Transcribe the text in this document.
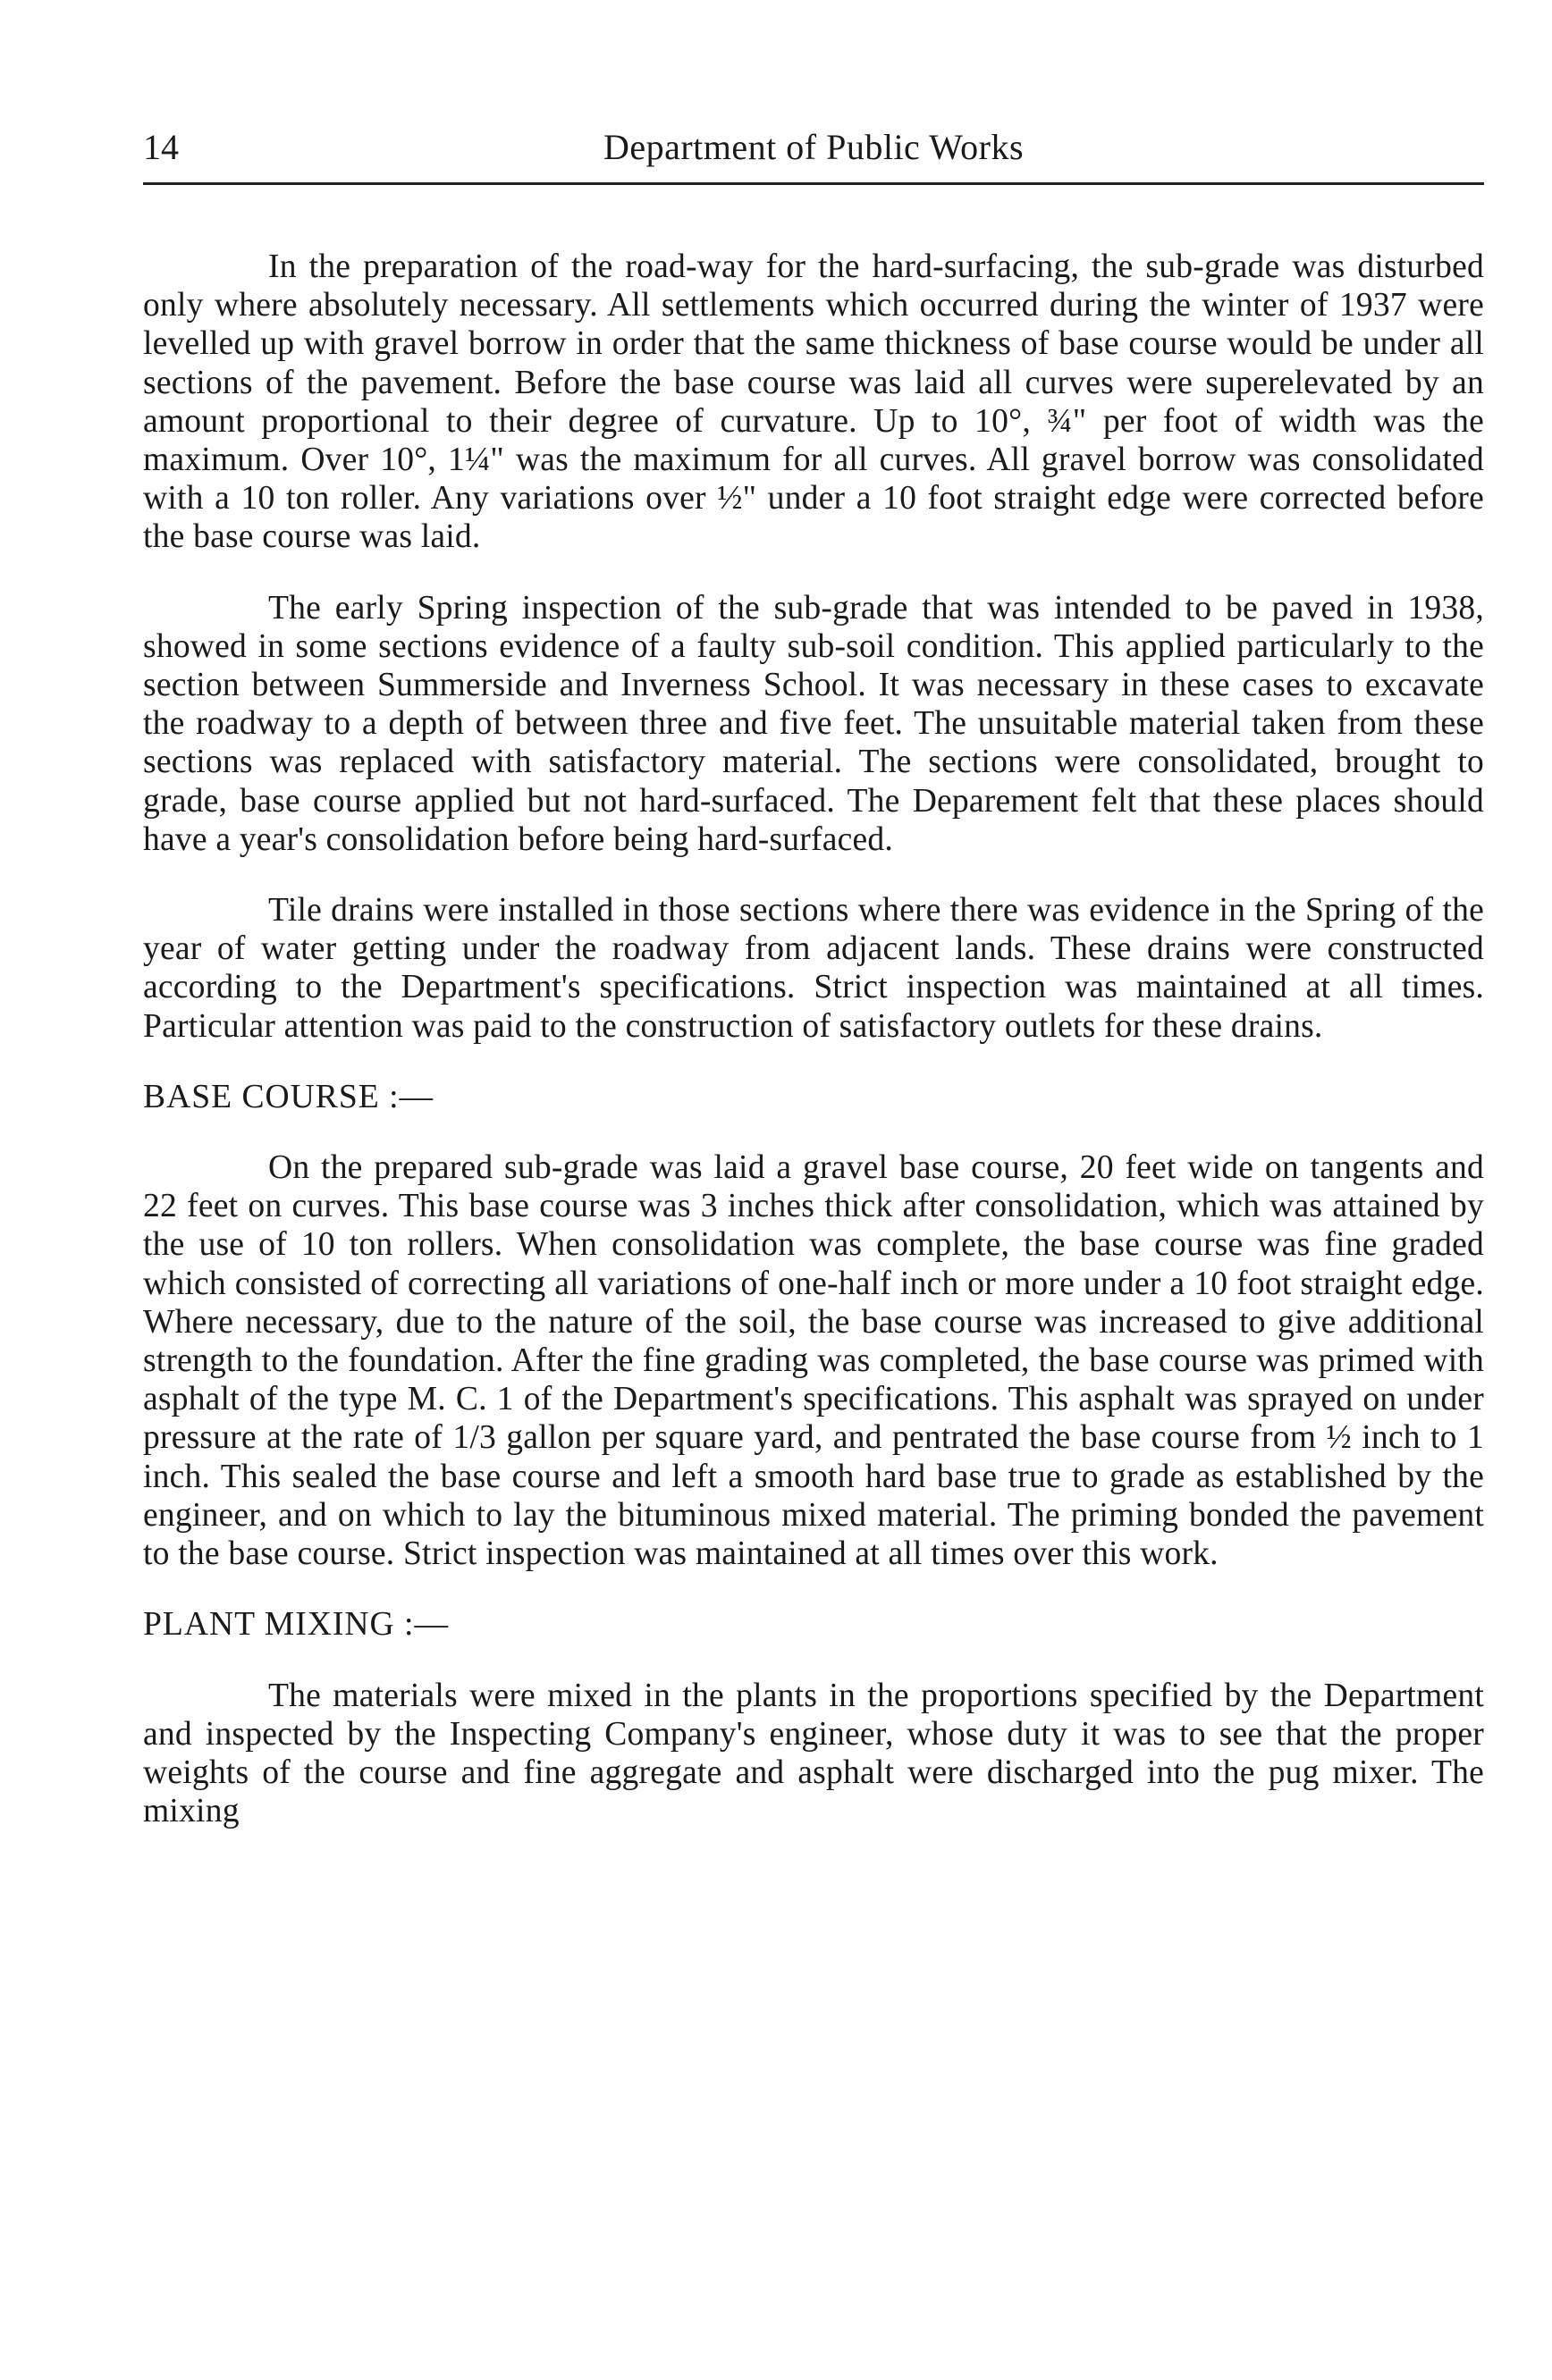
14	Department of Public Works

In the preparation of the road-way for the hard-surfacing, the sub-grade was disturbed only where absolutely necessary. All settlements which occurred during the winter of 1937 were levelled up with gravel borrow in order that the same thickness of base course would be under all sections of the pavement. Before the base course was laid all curves were superelevated by an amount proportional to their degree of curvature. Up to 10°, ¾" per foot of width was the maximum. Over 10°, 1¼" was the maximum for all curves. All gravel borrow was consolidated with a 10 ton roller. Any variations over ½" under a 10 foot straight edge were corrected before the base course was laid.

The early Spring inspection of the sub-grade that was intended to be paved in 1938, showed in some sections evidence of a faulty sub-soil condition. This applied particularly to the section between Summerside and Inverness School. It was necessary in these cases to excavate the roadway to a depth of between three and five feet. The unsuitable material taken from these sections was replaced with satisfactory material. The sections were consolidated, brought to grade, base course applied but not hard-surfaced. The Deparement felt that these places should have a year's consolidation before being hard-surfaced.

Tile drains were installed in those sections where there was evidence in the Spring of the year of water getting under the roadway from adjacent lands. These drains were constructed according to the Department's specifications. Strict inspection was maintained at all times. Particular attention was paid to the construction of satisfactory outlets for these drains.

BASE COURSE :—

On the prepared sub-grade was laid a gravel base course, 20 feet wide on tangents and 22 feet on curves. This base course was 3 inches thick after consolidation, which was attained by the use of 10 ton rollers. When consolidation was complete, the base course was fine graded which consisted of correcting all variations of one-half inch or more under a 10 foot straight edge. Where necessary, due to the nature of the soil, the base course was increased to give additional strength to the foundation. After the fine grading was completed, the base course was primed with asphalt of the type M. C. 1 of the Department's specifications. This asphalt was sprayed on under pressure at the rate of 1/3 gallon per square yard, and pentrated the base course from ½ inch to 1 inch. This sealed the base course and left a smooth hard base true to grade as established by the engineer, and on which to lay the bituminous mixed material. The priming bonded the pavement to the base course. Strict inspection was maintained at all times over this work.

PLANT MIXING :—

The materials were mixed in the plants in the proportions specified by the Department and inspected by the Inspecting Company's engineer, whose duty it was to see that the proper weights of the course and fine aggregate and asphalt were discharged into the pug mixer. The mixing
